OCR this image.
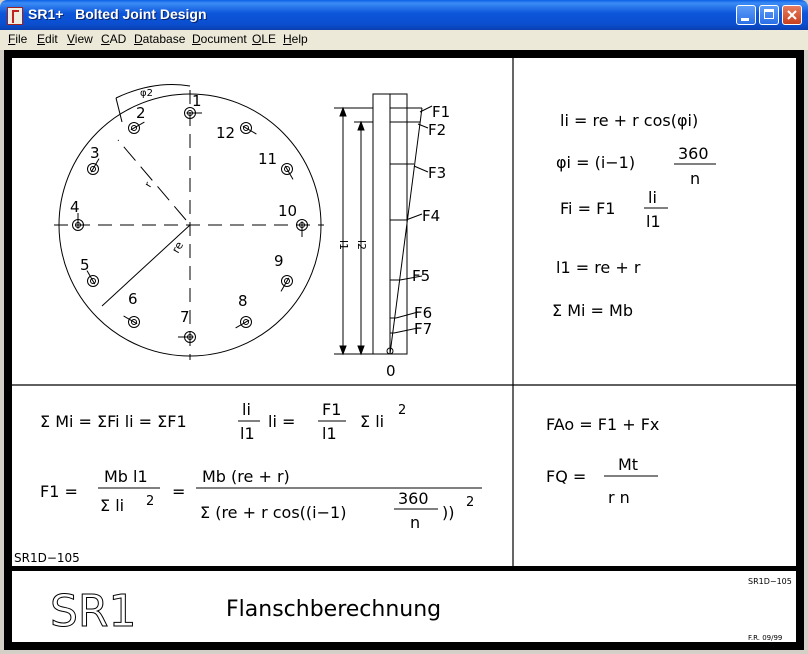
SR1+   Bolted Joint Design
File Edit View CAD Database Document OLE Help
φ2
r
re
1
2
3
4
5
6
7
8
9
10
11
12
l1 l2
F1
F2
F3
F4
F5
F6
F7
0
li = re + r cos(φi)
φi = (i−1)	360
n
Fi = F1
li
l1
l1 = re + r
Σ Mi = Mb
Σ Mi = ΣFi li = ΣF1
li
l1
li =
F1
l1
Σ li
2
F1 =
Mb l1
Σ li 2
=
Mb (re + r)
Σ (re + r cos((i−1)
360
n
))
2
FAo = F1 + Fx
FQ =
Mt
r n
SR1D−105
SR1D−105
SR1	Flanschberechnung
F.R. 09/99
